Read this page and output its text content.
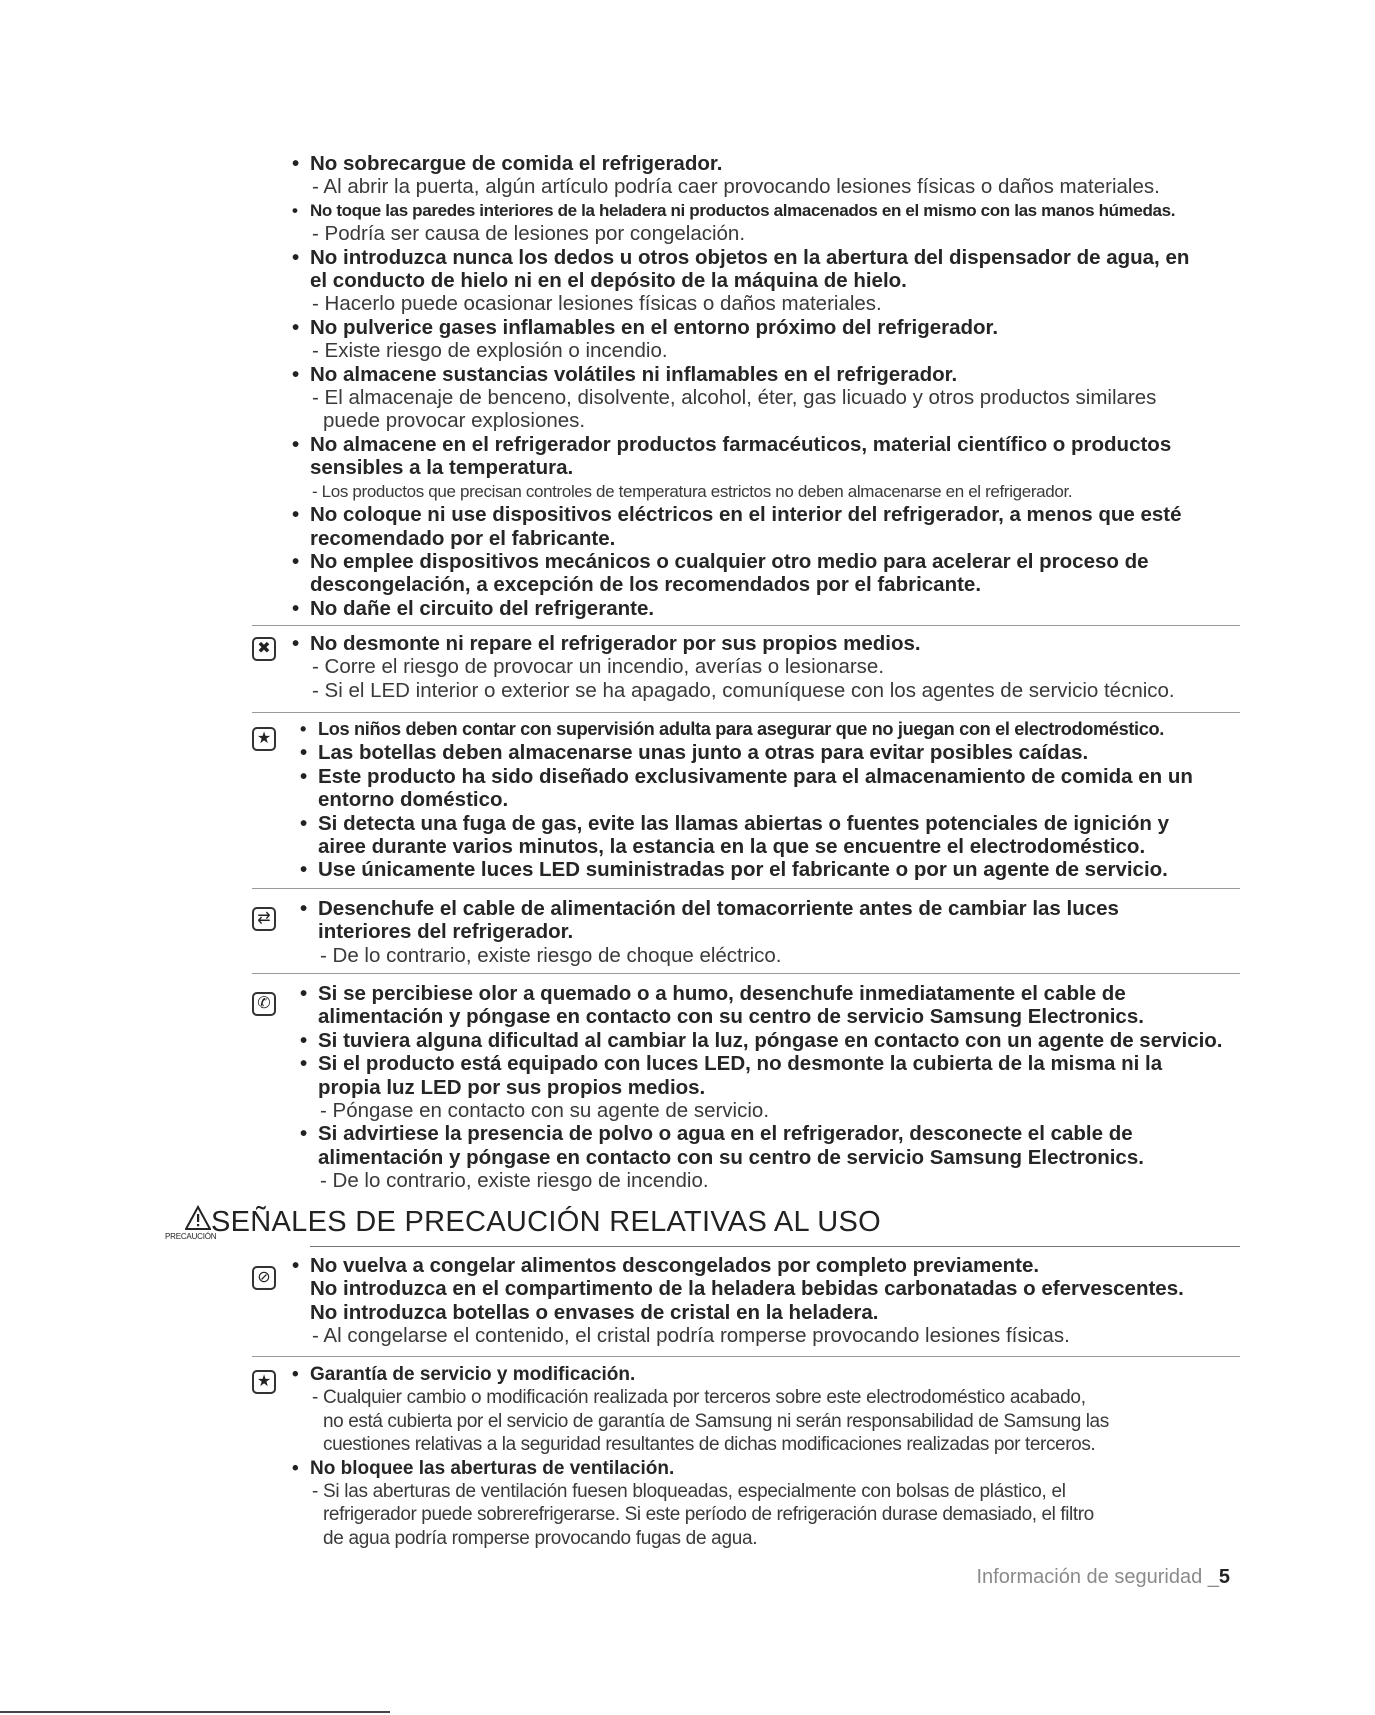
• No sobrecargue de comida el refrigerador.
- Al abrir la puerta, algún artículo podría caer provocando lesiones físicas o daños materiales.
• No toque las paredes interiores de la heladera ni productos almacenados en el mismo con las manos húmedas.
- Podría ser causa de lesiones por congelación.
• No introduzca nunca los dedos u otros objetos en la abertura del dispensador de agua, en
el conducto de hielo ni en el depósito de la máquina de hielo.
- Hacerlo puede ocasionar lesiones físicas o daños materiales.
• No pulverice gases inflamables en el entorno próximo del refrigerador.
- Existe riesgo de explosión o incendio.
• No almacene sustancias volátiles ni inflamables en el refrigerador.
- El almacenaje de benceno, disolvente, alcohol, éter, gas licuado y otros productos similares
puede provocar explosiones.
• No almacene en el refrigerador productos farmacéuticos, material científico o productos
sensibles a la temperatura.
- Los productos que precisan controles de temperatura estrictos no deben almacenarse en el refrigerador.
• No coloque ni use dispositivos eléctricos en el interior del refrigerador, a menos que esté
recomendado por el fabricante.
• No emplee dispositivos mecánicos o cualquier otro medio para acelerar el proceso de
descongelación, a excepción de los recomendados por el fabricante.
• No dañe el circuito del refrigerante.
✖	• No desmonte ni repare el refrigerador por sus propios medios.
- Corre el riesgo de provocar un incendio, averías o lesionarse.
- Si el LED interior o exterior se ha apagado, comuníquese con los agentes de servicio técnico.
★	• Los niños deben contar con supervisión adulta para asegurar que no juegan con el electrodoméstico.
• Las botellas deben almacenarse unas junto a otras para evitar posibles caídas.
• Este producto ha sido diseñado exclusivamente para el almacenamiento de comida en un
entorno doméstico.
• Si detecta una fuga de gas, evite las llamas abiertas o fuentes potenciales de ignición y
airee durante varios minutos, la estancia en la que se encuentre el electrodoméstico.
• Use únicamente luces LED suministradas por el fabricante o por un agente de servicio.
⇄	• Desenchufe el cable de alimentación del tomacorriente antes de cambiar las luces
interiores del refrigerador.
- De lo contrario, existe riesgo de choque eléctrico.
✆	• Si se percibiese olor a quemado o a humo, desenchufe inmediatamente el cable de
alimentación y póngase en contacto con su centro de servicio Samsung Electronics.
• Si tuviera alguna dificultad al cambiar la luz, póngase en contacto con un agente de servicio.
• Si el producto está equipado con luces LED, no desmonte la cubierta de la misma ni la
propia luz LED por sus propios medios.
- Póngase en contacto con su agente de servicio.
• Si advirtiese la presencia de polvo o agua en el refrigerador, desconecte el cable de
alimentación y póngase en contacto con su centro de servicio Samsung Electronics.
- De lo contrario, existe riesgo de incendio.
PRECAUCIÓN
SEÑALES DE PRECAUCIÓN RELATIVAS AL USO
⊘
• No vuelva a congelar alimentos descongelados por completo previamente.
No introduzca en el compartimento de la heladera bebidas carbonatadas o efervescentes.
No introduzca botellas o envases de cristal en la heladera.
- Al congelarse el contenido, el cristal podría romperse provocando lesiones físicas.
★	• Garantía de servicio y modificación.
- Cualquier cambio o modificación realizada por terceros sobre este electrodoméstico acabado,
no está cubierta por el servicio de garantía de Samsung ni serán responsabilidad de Samsung las
cuestiones relativas a la seguridad resultantes de dichas modificaciones realizadas por terceros.
• No bloquee las aberturas de ventilación.
- Si las aberturas de ventilación fuesen bloqueadas, especialmente con bolsas de plástico, el
refrigerador puede sobrerefrigerarse. Si este período de refrigeración durase demasiado, el filtro
de agua podría romperse provocando fugas de agua.
Información de seguridad _5
